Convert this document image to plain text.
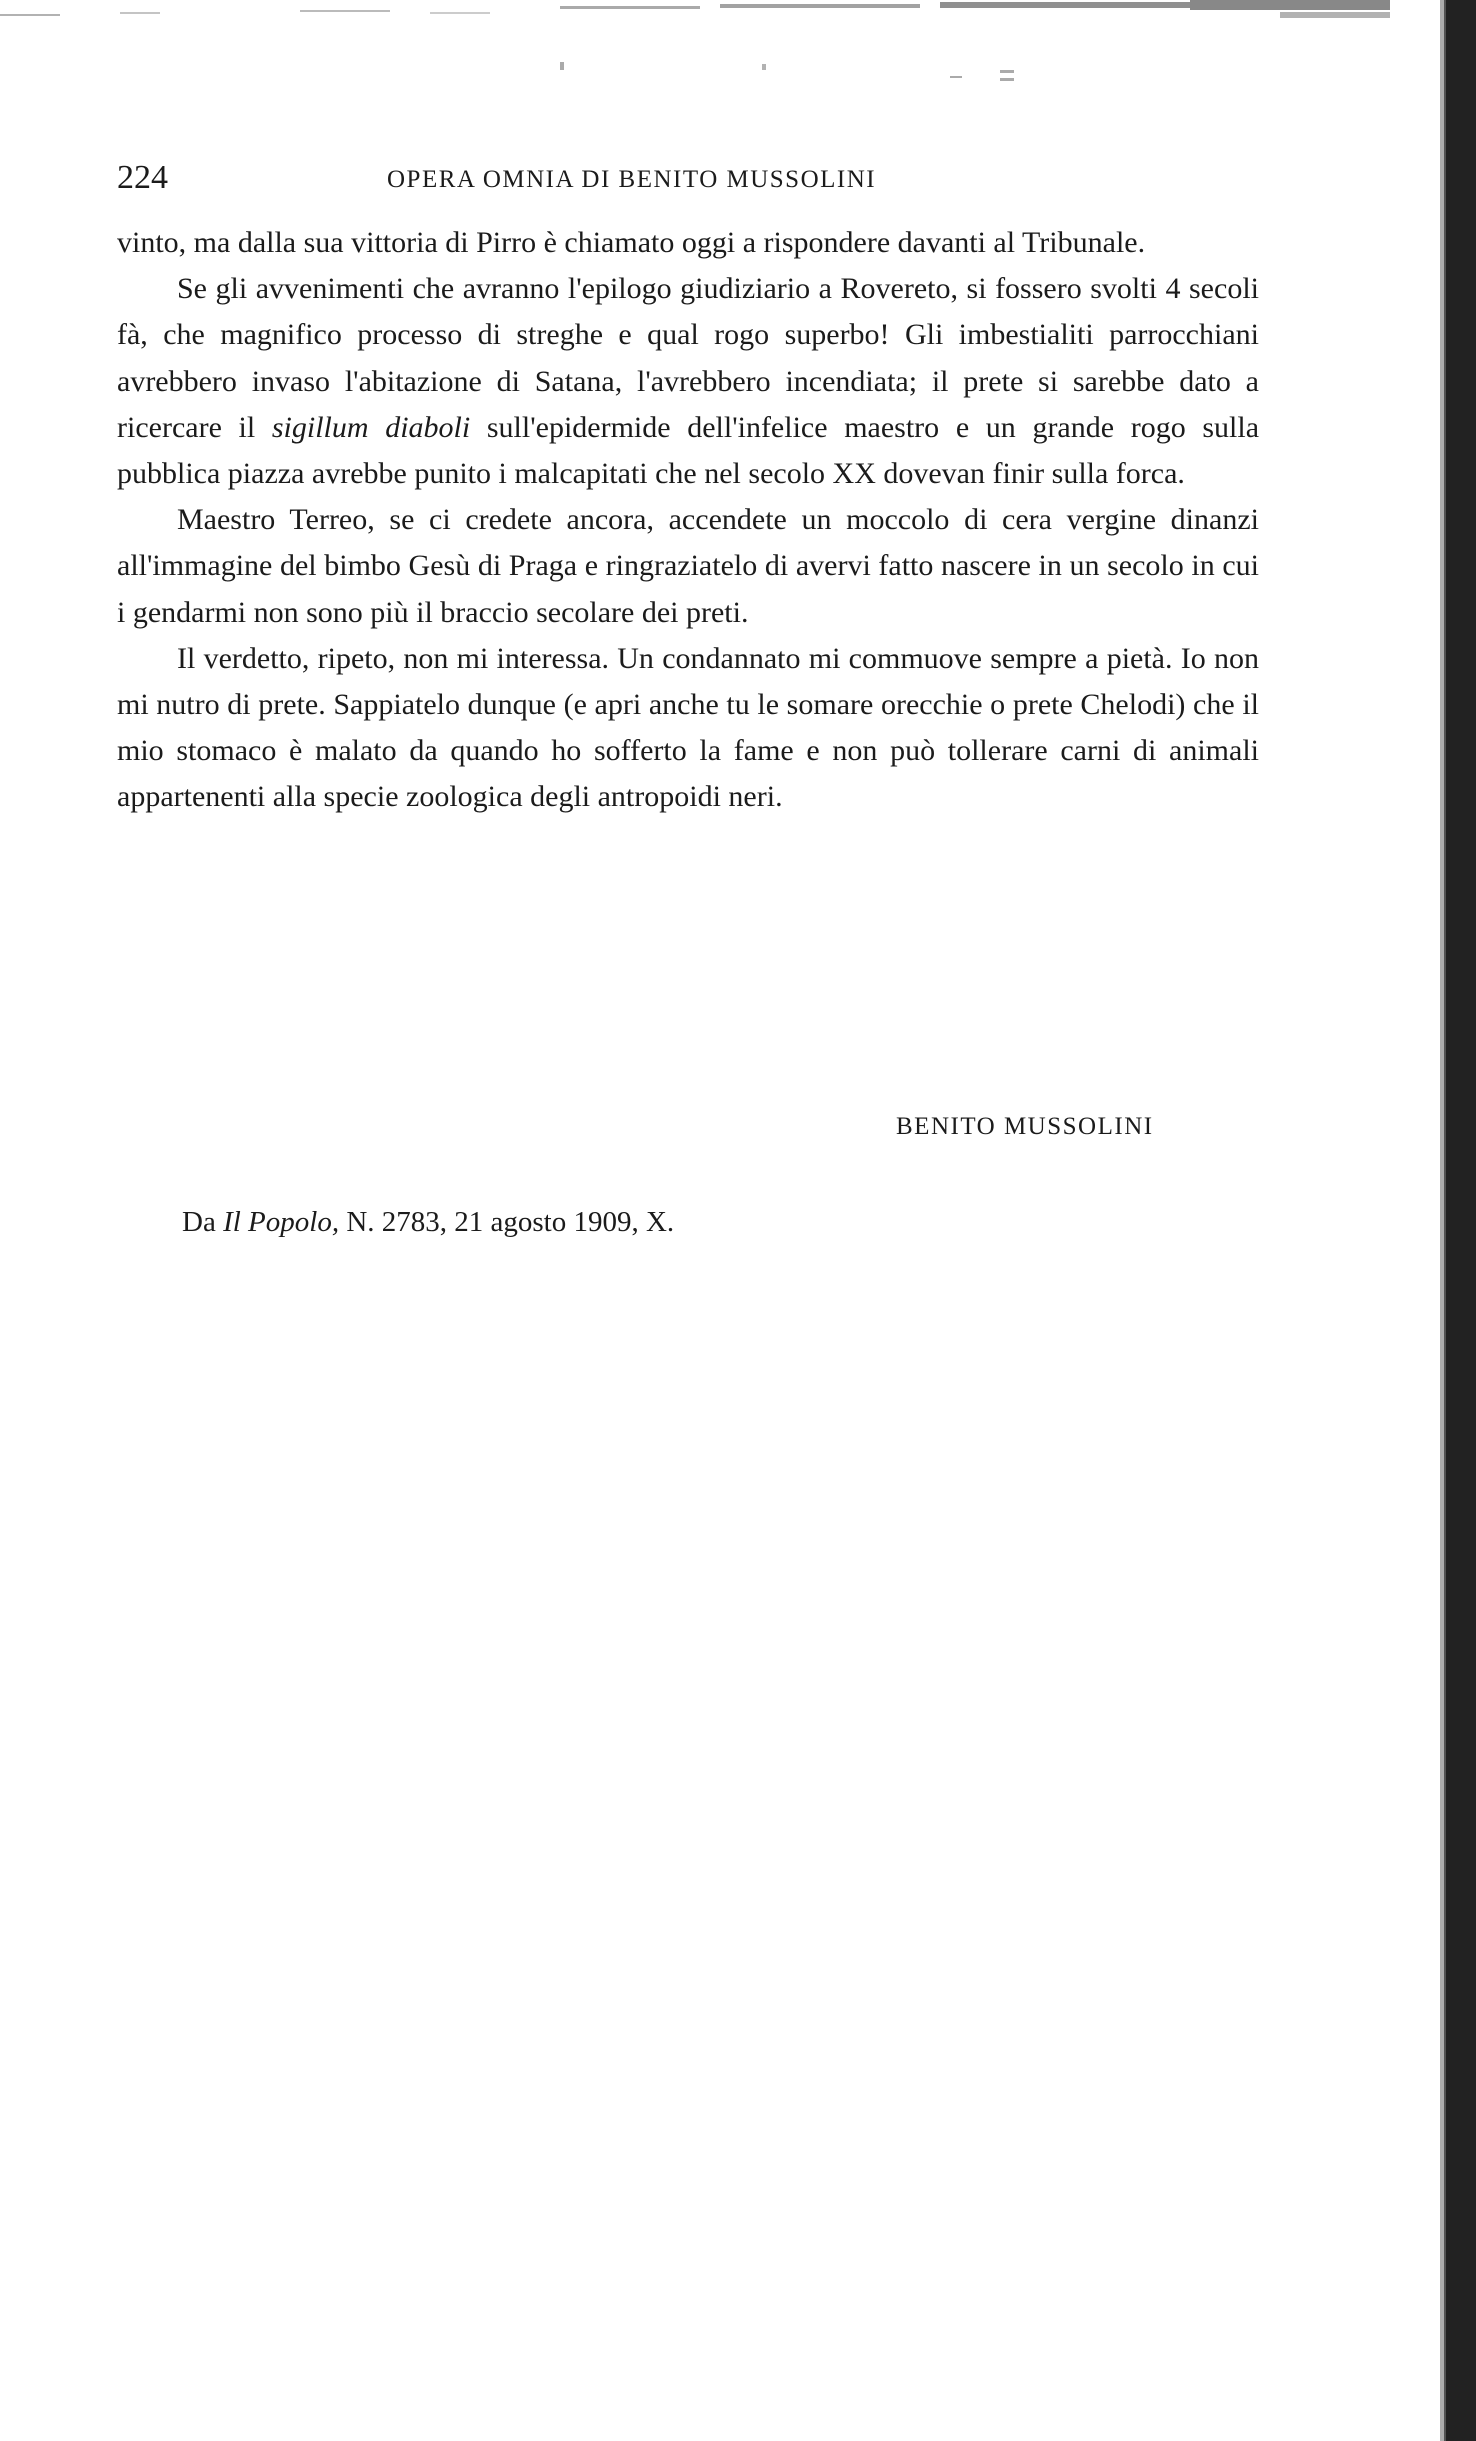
224	OPERA OMNIA DI BENITO MUSSOLINI

vinto, ma dalla sua vittoria di Pirro è chiamato oggi a rispondere davanti al Tribunale.

Se gli avvenimenti che avranno l'epilogo giudiziario a Rovereto, si fossero svolti 4 secoli fà, che magnifico processo di streghe e qual rogo superbo! Gli imbestialiti parrocchiani avrebbero invaso l'abitazione di Satana, l'avrebbero incendiata; il prete si sarebbe dato a ricercare il sigillum diaboli sull'epidermide dell'infelice maestro e un grande rogo sulla pubblica piazza avrebbe punito i malcapitati che nel secolo XX dovevan finir sulla forca.

Maestro Terreo, se ci credete ancora, accendete un moccolo di cera vergine dinanzi all'immagine del bimbo Gesù di Praga e ringraziatelo di avervi fatto nascere in un secolo in cui i gendarmi non sono più il braccio secolare dei preti.

Il verdetto, ripeto, non mi interessa. Un condannato mi commuove sempre a pietà. Io non mi nutro di prete. Sappiatelo dunque (e apri anche tu le somare orecchie o prete Chelodi) che il mio stomaco è malato da quando ho sofferto la fame e non può tollerare carni di animali appartenenti alla specie zoologica degli antropoidi neri.

BENITO MUSSOLINI
Da Il Popolo, N. 2783, 21 agosto 1909, X.
